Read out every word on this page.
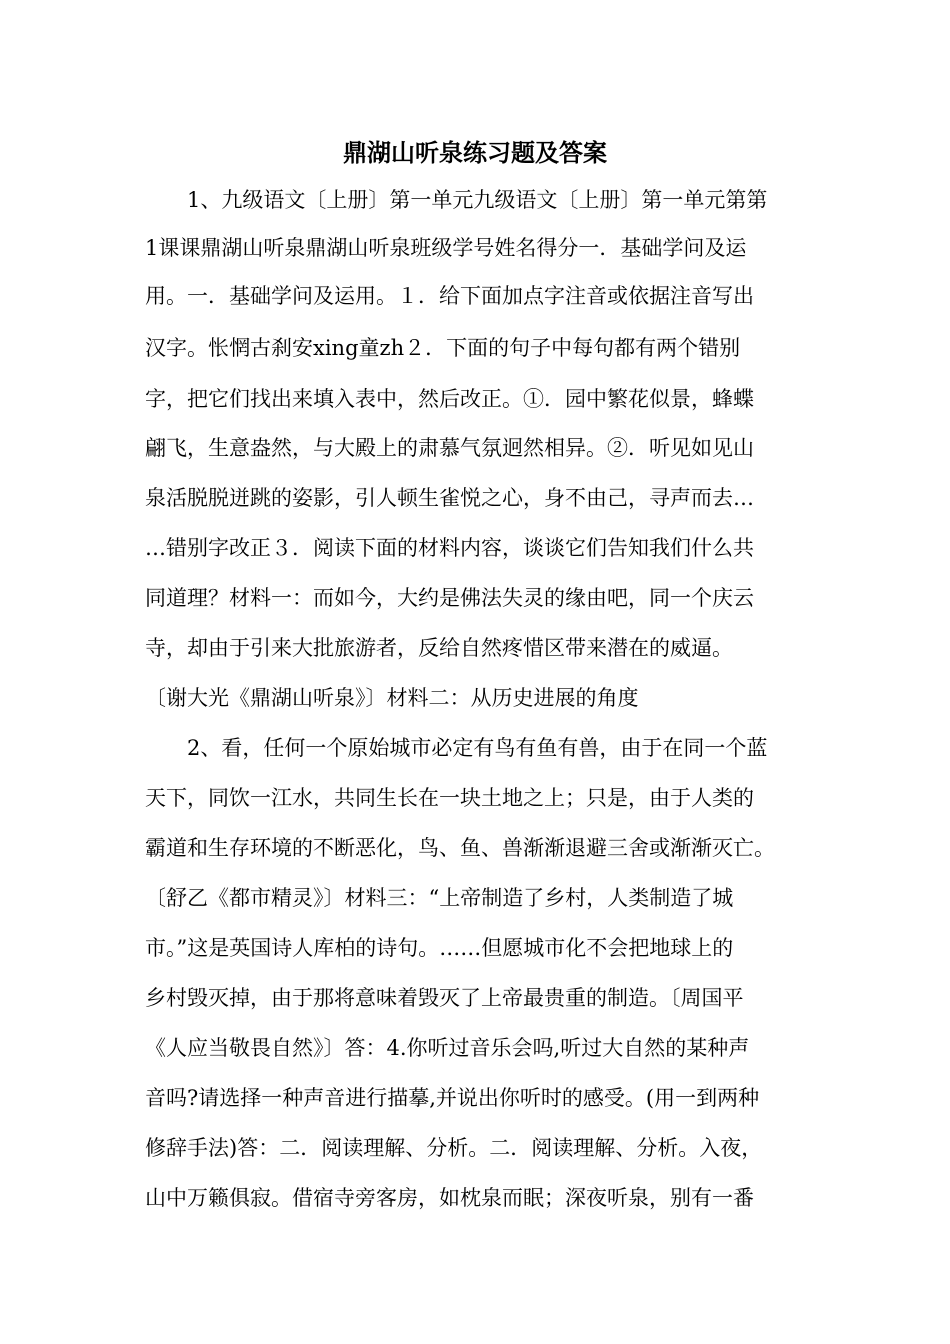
鼎湖山听泉练习题及答案

　　1、九级语文〔上册〕第一单元九级语文〔上册〕第一单元第第

1课课鼎湖山听泉鼎湖山听泉班级学号姓名得分一．基础学问及运

用。一．基础学问及运用。１．给下面加点字注音或依据注音写出

汉字。怅惘古刹安xing童zh２．下面的句子中每句都有两个错别

字，把它们找出来填入表中，然后改正。①．园中繁花似景，蜂蝶

翩飞，生意盎然，与大殿上的肃慕气氛迥然相异。②．听见如见山

泉活脱脱迸跳的姿影，引人顿生雀悦之心，身不由己，寻声而去…

…错别字改正３．阅读下面的材料内容，谈谈它们告知我们什么共

同道理？材料一：而如今，大约是佛法失灵的缘由吧，同一个庆云

寺，却由于引来大批旅游者，反给自然疼惜区带来潜在的威逼。

〔谢大光《鼎湖山听泉》〕材料二：从历史进展的角度

　　2、看，任何一个原始城市必定有鸟有鱼有兽，由于在同一个蓝

天下，同饮一江水，共同生长在一块土地之上；只是，由于人类的

霸道和生存环境的不断恶化，鸟、鱼、兽渐渐退避三舍或渐渐灭亡。

〔舒乙《都市精灵》〕材料三：“上帝制造了乡村，人类制造了城

市。”这是英国诗人库柏的诗句。……但愿城市化不会把地球上的

乡村毁灭掉，由于那将意味着毁灭了上帝最贵重的制造。〔周国平

《人应当敬畏自然》〕答：4.你听过音乐会吗,听过大自然的某种声

音吗?请选择一种声音进行描摹,并说出你听时的感受。(用一到两种

修辞手法)答：二．阅读理解、分析。二．阅读理解、分析。入夜，

山中万籁俱寂。借宿寺旁客房，如枕泉而眠；深夜听泉，别有一番
